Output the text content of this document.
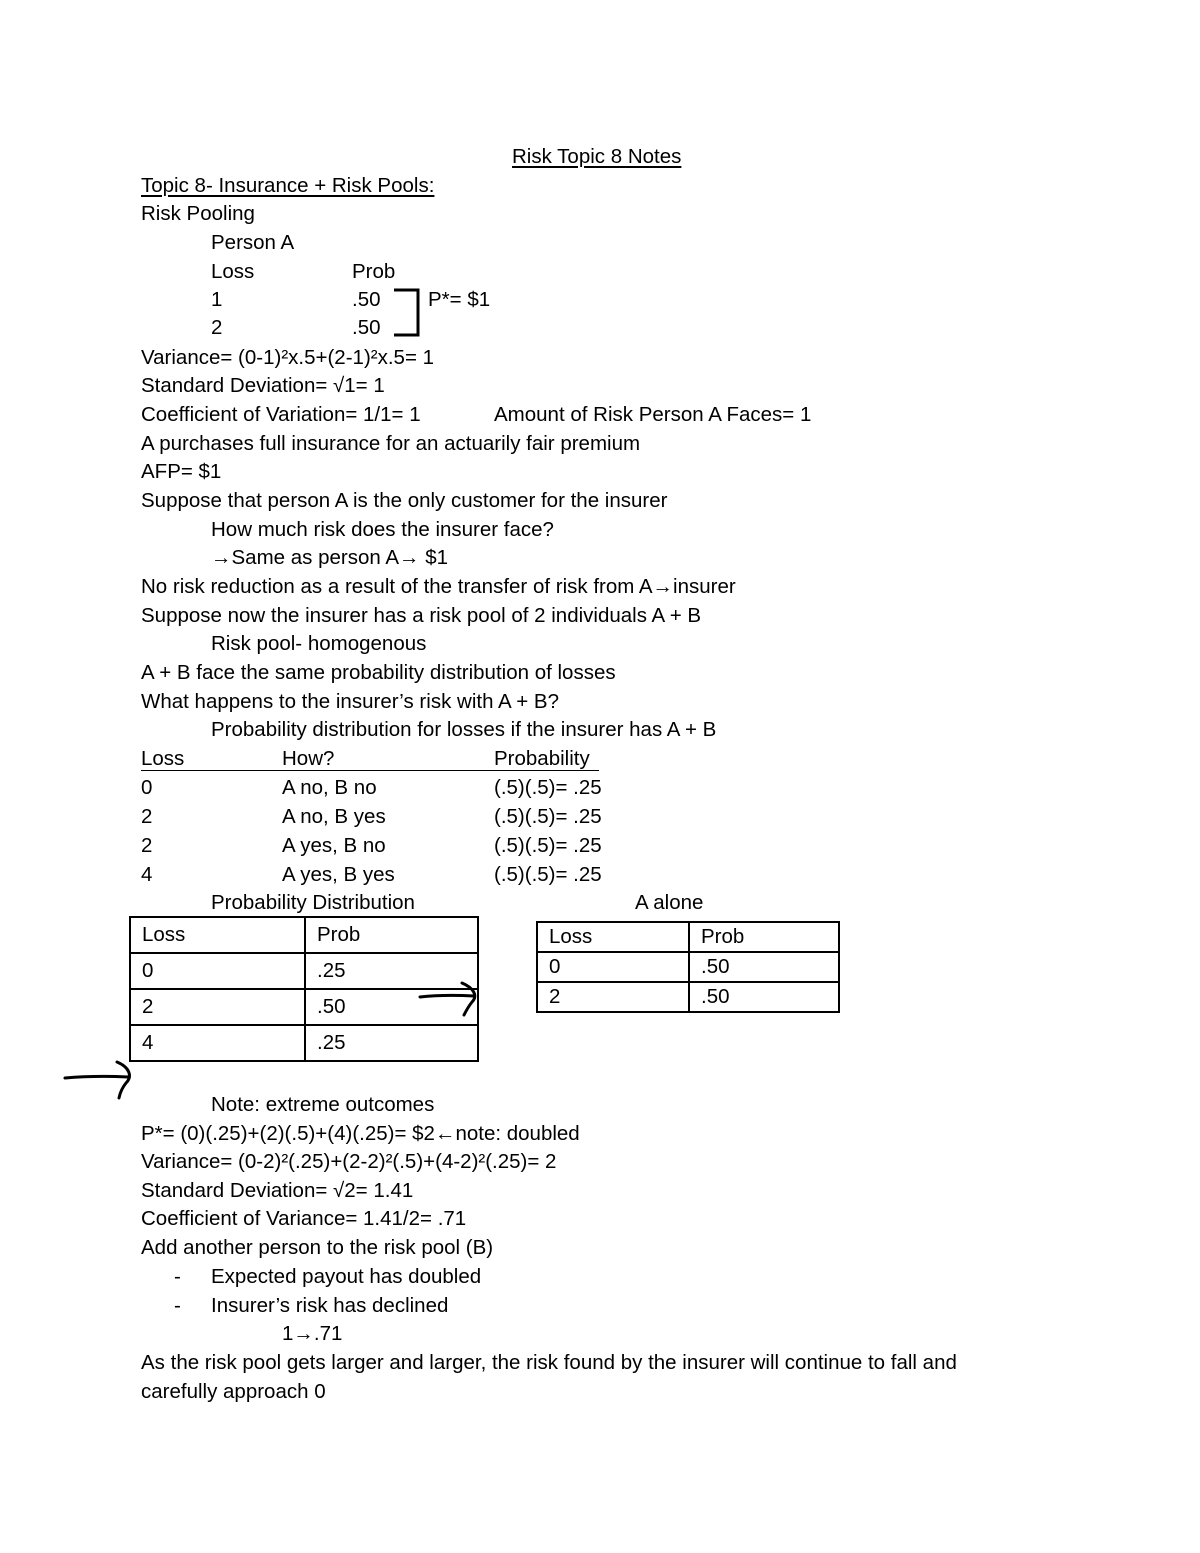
Risk Topic 8 Notes
Topic 8- Insurance + Risk Pools:
Risk Pooling
Person A
Loss	Prob
1	.50
2	.50
P*= $1
Variance= (0-1)²x.5+(2-1)²x.5= 1
Standard Deviation= √1= 1
Coefficient of Variation= 1/1= 1	Amount of Risk Person A Faces= 1
A purchases full insurance for an actuarily fair premium
AFP= $1
Suppose that person A is the only customer for the insurer
How much risk does the insurer face?
→Same as person A→ $1
No risk reduction as a result of the transfer of risk from A→insurer
Suppose now the insurer has a risk pool of 2 individuals A + B
Risk pool- homogenous
A + B face the same probability distribution of losses
What happens to the insurer’s risk with A + B?
Probability distribution for losses if the insurer has A + B
Loss	How?	Probability
0	A no, B no	(.5)(.5)= .25
2	A no, B yes	(.5)(.5)= .25
2	A yes, B no	(.5)(.5)= .25
4	A yes, B yes	(.5)(.5)= .25
Probability Distribution	A alone
Loss	Prob
0	.25
2	.50
4	.25
Loss	Prob
0	.50
2	.50
Note: extreme outcomes
P*= (0)(.25)+(2)(.5)+(4)(.25)= $2←note: doubled
Variance= (0-2)²(.25)+(2-2)²(.5)+(4-2)²(.25)= 2
Standard Deviation= √2= 1.41
Coefficient of Variance= 1.41/2= .71
Add another person to the risk pool (B)
- Expected payout has doubled
- Insurer’s risk has declined
1→.71
As the risk pool gets larger and larger, the risk found by the insurer will continue to fall and
carefully approach 0
